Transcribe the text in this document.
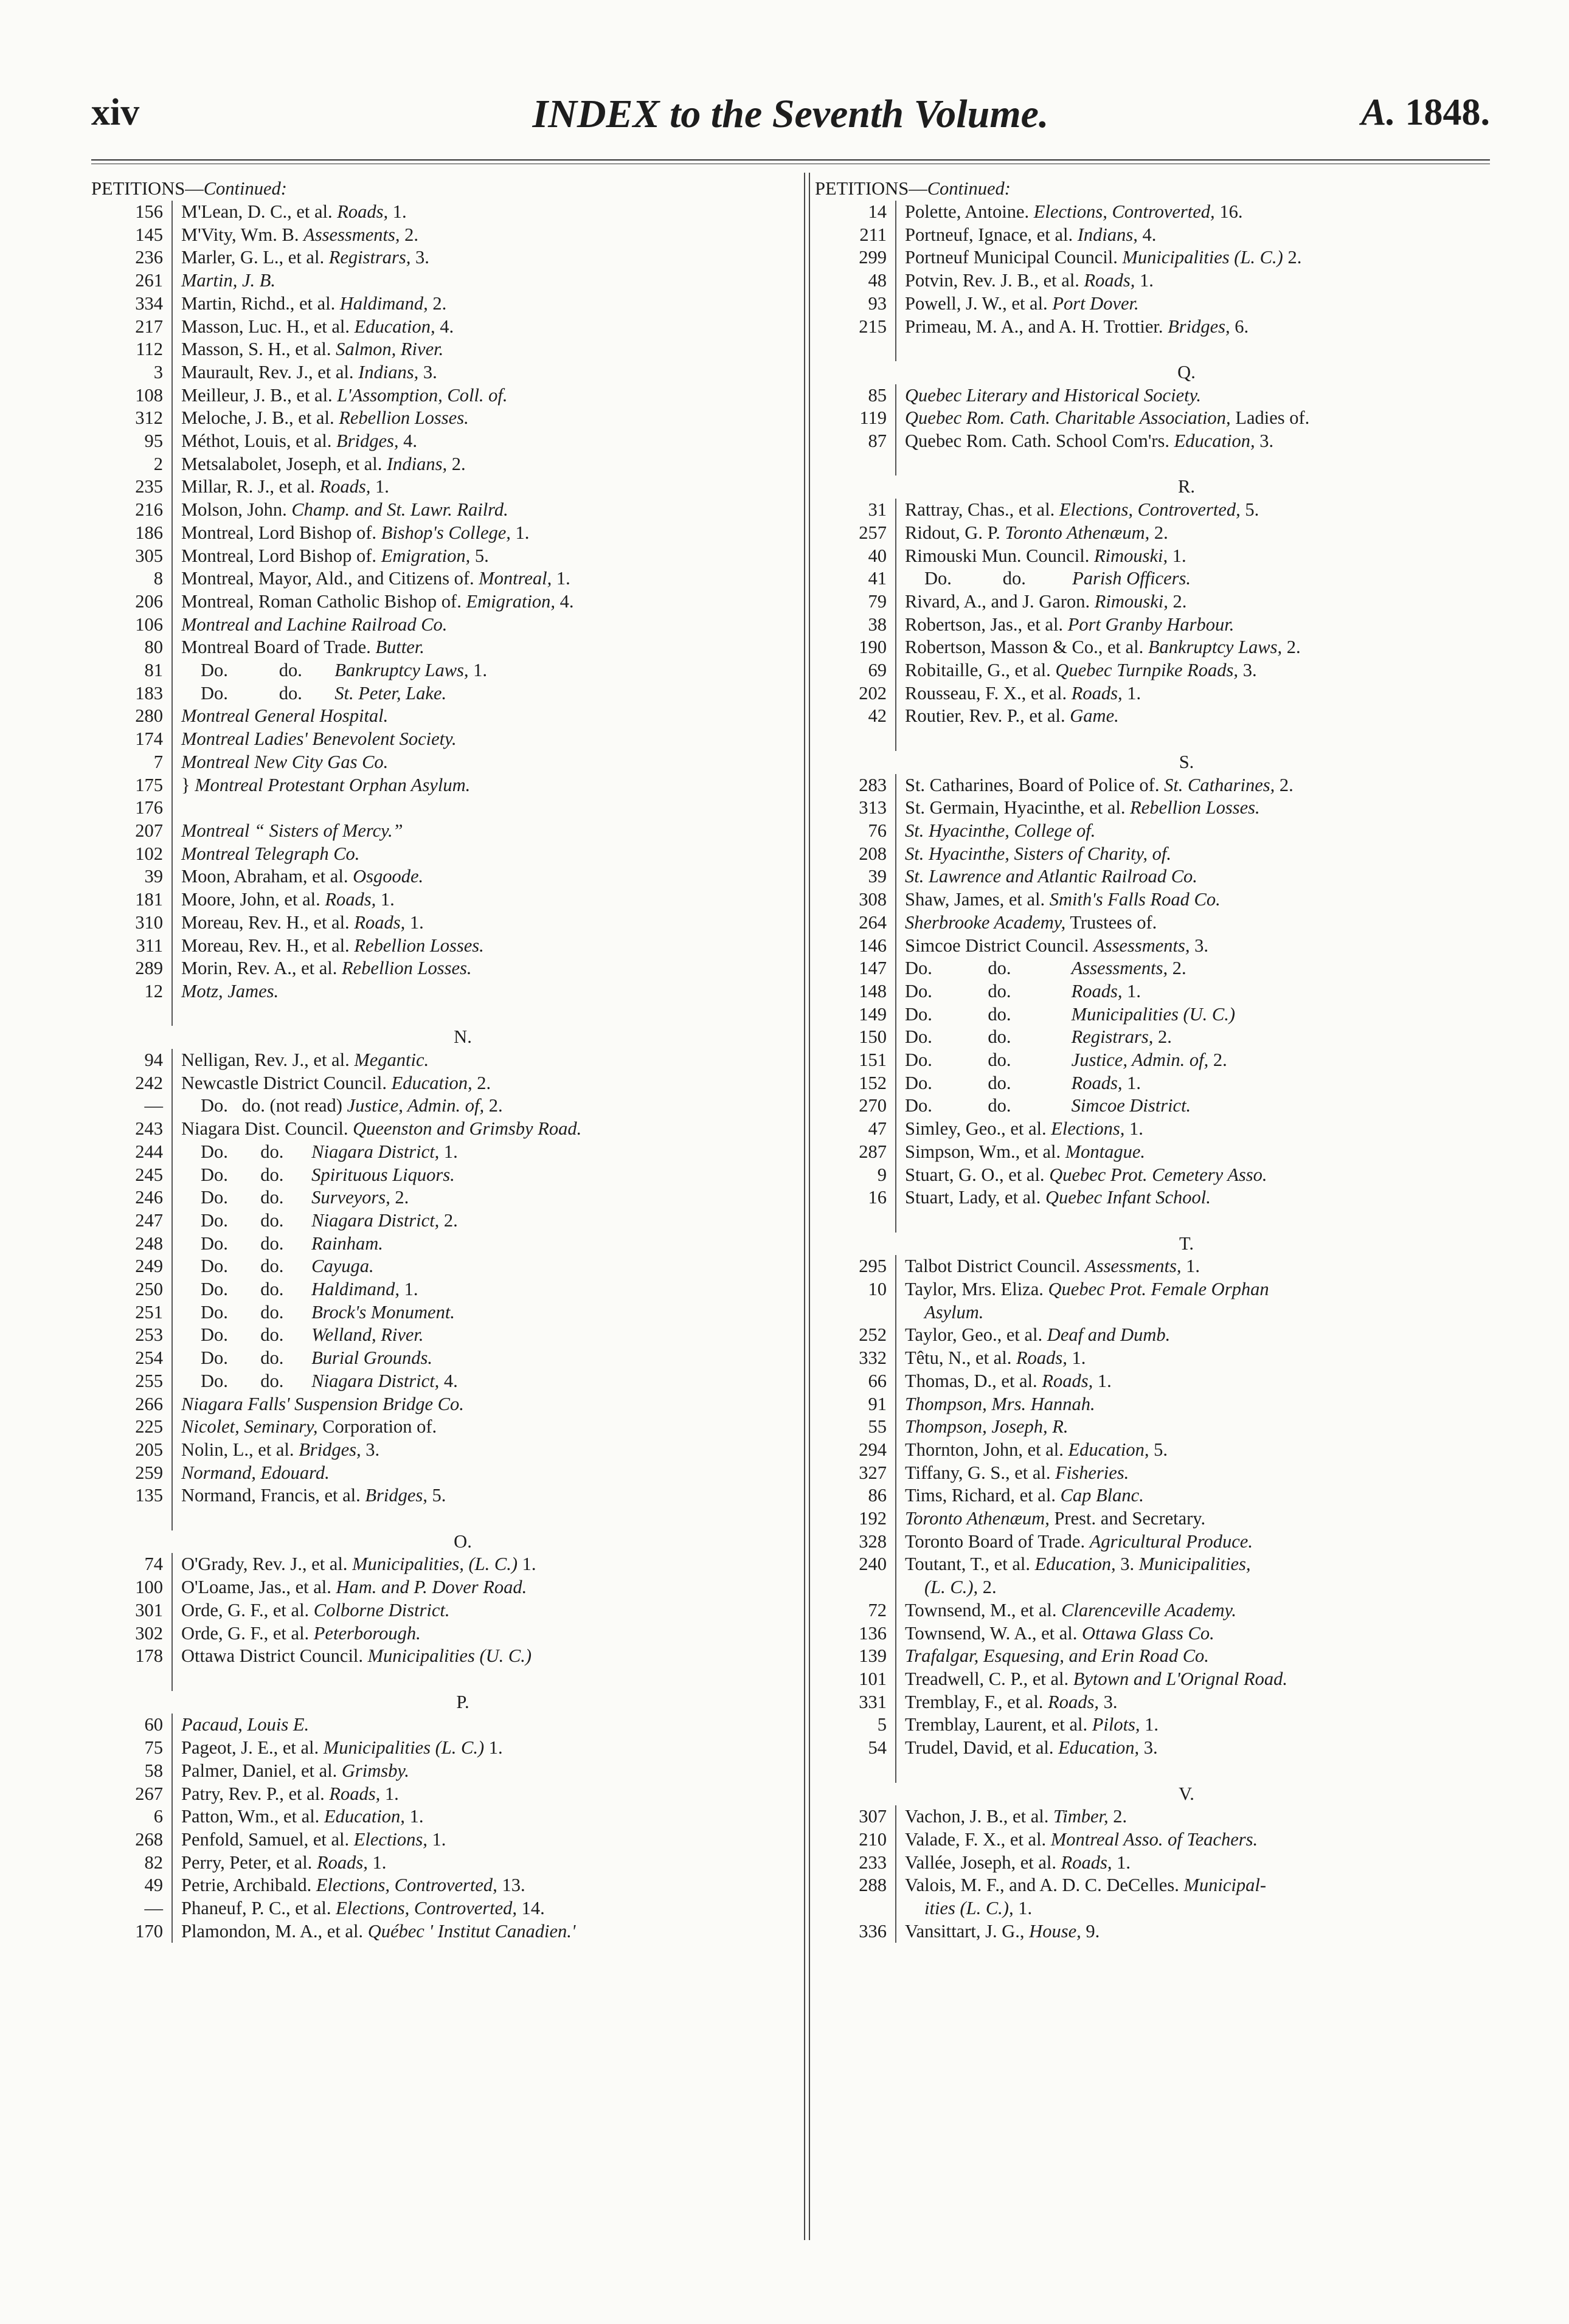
xiv	INDEX to the Seventh Volume.	A. 1848.
PETITIONS—Continued:
156 M'Lean, D. C., et al. Roads, 1.
145 M'Vity, Wm. B. Assessments, 2.
236 Marler, G. L., et al. Registrars, 3.
261 Martin, J. B.
334 Martin, Richd., et al. Haldimand, 2.
217 Masson, Luc. H., et al. Education, 4.
112 Masson, S. H., et al. Salmon, River.
3 Maurault, Rev. J., et al. Indians, 3.
108 Meilleur, J. B., et al. L'Assomption, Coll. of.
312 Meloche, J. B., et al. Rebellion Losses.
95 Méthot, Louis, et al. Bridges, 4.
2 Metsalabolet, Joseph, et al. Indians, 2.
235 Millar, R. J., et al. Roads, 1.
216 Molson, John. Champ. and St. Lawr. Railrd.
186 Montreal, Lord Bishop of. Bishop's College, 1.
305 Montreal, Lord Bishop of. Emigration, 5.
8 Montreal, Mayor, Ald., and Citizens of. Montreal, 1.
206 Montreal, Roman Catholic Bishop of. Emigration, 4.
106 Montreal and Lachine Railroad Co.
80 Montreal Board of Trade. Butter.
81	Do.           do.       Bankruptcy Laws, 1.
183	Do.           do.       St. Peter, Lake.
280 Montreal General Hospital.
174 Montreal Ladies' Benevolent Society.
7 Montreal New City Gas Co.
175 } Montreal Protestant Orphan Asylum.
176

207 Montreal “ Sisters of Mercy.”
102 Montreal Telegraph Co.
39 Moon, Abraham, et al. Osgoode.
181 Moore, John, et al. Roads, 1.
310 Moreau, Rev. H., et al. Roads, 1.
311 Moreau, Rev. H., et al. Rebellion Losses.
289 Morin, Rev. A., et al. Rebellion Losses.
12 Motz, James.

N.
94 Nelligan, Rev. J., et al. Megantic.
242 Newcastle District Council. Education, 2.
—	Do.   do. (not read) Justice, Admin. of, 2.
243 Niagara Dist. Council. Queenston and Grimsby Road.
244	Do.       do.      Niagara District, 1.
245	Do.       do.      Spirituous Liquors.
246	Do.       do.      Surveyors, 2.
247	Do.       do.      Niagara District, 2.
248	Do.       do.      Rainham.
249	Do.       do.      Cayuga.
250	Do.       do.      Haldimand, 1.
251	Do.       do.      Brock's Monument.
253	Do.       do.      Welland, River.
254	Do.       do.      Burial Grounds.
255	Do.       do.      Niagara District, 4.
266 Niagara Falls' Suspension Bridge Co.
225 Nicolet, Seminary, Corporation of.
205 Nolin, L., et al. Bridges, 3.
259 Normand, Edouard.
135 Normand, Francis, et al. Bridges, 5.

O.
74 O'Grady, Rev. J., et al. Municipalities, (L. C.) 1.
100 O'Loame, Jas., et al. Ham. and P. Dover Road.
301 Orde, G. F., et al. Colborne District.
302 Orde, G. F., et al. Peterborough.
178 Ottawa District Council. Municipalities (U. C.)

P.
60 Pacaud, Louis E.
75 Pageot, J. E., et al. Municipalities (L. C.) 1.
58 Palmer, Daniel, et al. Grimsby.
267 Patry, Rev. P., et al. Roads, 1.
6 Patton, Wm., et al. Education, 1.
268 Penfold, Samuel, et al. Elections, 1.
82 Perry, Peter, et al. Roads, 1.
49 Petrie, Archibald. Elections, Controverted, 13.
— Phaneuf, P. C., et al. Elections, Controverted, 14.
170 Plamondon, M. A., et al. Québec ' Institut Canadien.'
PETITIONS—Continued:
14 Polette, Antoine. Elections, Controverted, 16.
211 Portneuf, Ignace, et al. Indians, 4.
299 Portneuf Municipal Council. Municipalities (L. C.) 2.
48 Potvin, Rev. J. B., et al. Roads, 1.
93 Powell, J. W., et al. Port Dover.
215 Primeau, M. A., and A. H. Trottier. Bridges, 6.

Q.
85 Quebec Literary and Historical Society.
119 Quebec Rom. Cath. Charitable Association, Ladies of.
87 Quebec Rom. Cath. School Com'rs. Education, 3.

R.
31 Rattray, Chas., et al. Elections, Controverted, 5.
257 Ridout, G. P. Toronto Athenæum, 2.
40 Rimouski Mun. Council. Rimouski, 1.
41	Do.           do.          Parish Officers.
79 Rivard, A., and J. Garon. Rimouski, 2.
38 Robertson, Jas., et al. Port Granby Harbour.
190 Robertson, Masson & Co., et al. Bankruptcy Laws, 2.
69 Robitaille, G., et al. Quebec Turnpike Roads, 3.
202 Rousseau, F. X., et al. Roads, 1.
42 Routier, Rev. P., et al. Game.

S.
283 St. Catharines, Board of Police of. St. Catharines, 2.
313 St. Germain, Hyacinthe, et al. Rebellion Losses.
76 St. Hyacinthe, College of.
208 St. Hyacinthe, Sisters of Charity, of.
39 St. Lawrence and Atlantic Railroad Co.
308 Shaw, James, et al. Smith's Falls Road Co.
264 Sherbrooke Academy, Trustees of.
146 Simcoe District Council. Assessments, 3.
147 Do.            do.             Assessments, 2.
148 Do.            do.             Roads, 1.
149 Do.            do.             Municipalities (U. C.)
150 Do.            do.             Registrars, 2.
151 Do.            do.             Justice, Admin. of, 2.
152 Do.            do.             Roads, 1.
270 Do.            do.             Simcoe District.
47 Simley, Geo., et al. Elections, 1.
287 Simpson, Wm., et al. Montague.
9 Stuart, G. O., et al. Quebec Prot. Cemetery Asso.
16 Stuart, Lady, et al. Quebec Infant School.

T.
295 Talbot District Council. Assessments, 1.
10 Taylor, Mrs. Eliza. Quebec Prot. Female Orphan
Asylum.
252 Taylor, Geo., et al. Deaf and Dumb.
332 Têtu, N., et al. Roads, 1.
66 Thomas, D., et al. Roads, 1.
91 Thompson, Mrs. Hannah.
55 Thompson, Joseph, R.
294 Thornton, John, et al. Education, 5.
327 Tiffany, G. S., et al. Fisheries.
86 Tims, Richard, et al. Cap Blanc.
192 Toronto Athenæum, Prest. and Secretary.
328 Toronto Board of Trade. Agricultural Produce.
240 Toutant, T., et al. Education, 3. Municipalities,
(L. C.), 2.
72 Townsend, M., et al. Clarenceville Academy.
136 Townsend, W. A., et al. Ottawa Glass Co.
139 Trafalgar, Esquesing, and Erin Road Co.
101 Treadwell, C. P., et al. Bytown and L'Orignal Road.
331 Tremblay, F., et al. Roads, 3.
5 Tremblay, Laurent, et al. Pilots, 1.
54 Trudel, David, et al. Education, 3.

V.
307 Vachon, J. B., et al. Timber, 2.
210 Valade, F. X., et al. Montreal Asso. of Teachers.
233 Vallée, Joseph, et al. Roads, 1.
288 Valois, M. F., and A. D. C. DeCelles. Municipal-
ities (L. C.), 1.
336 Vansittart, J. G., House, 9.
